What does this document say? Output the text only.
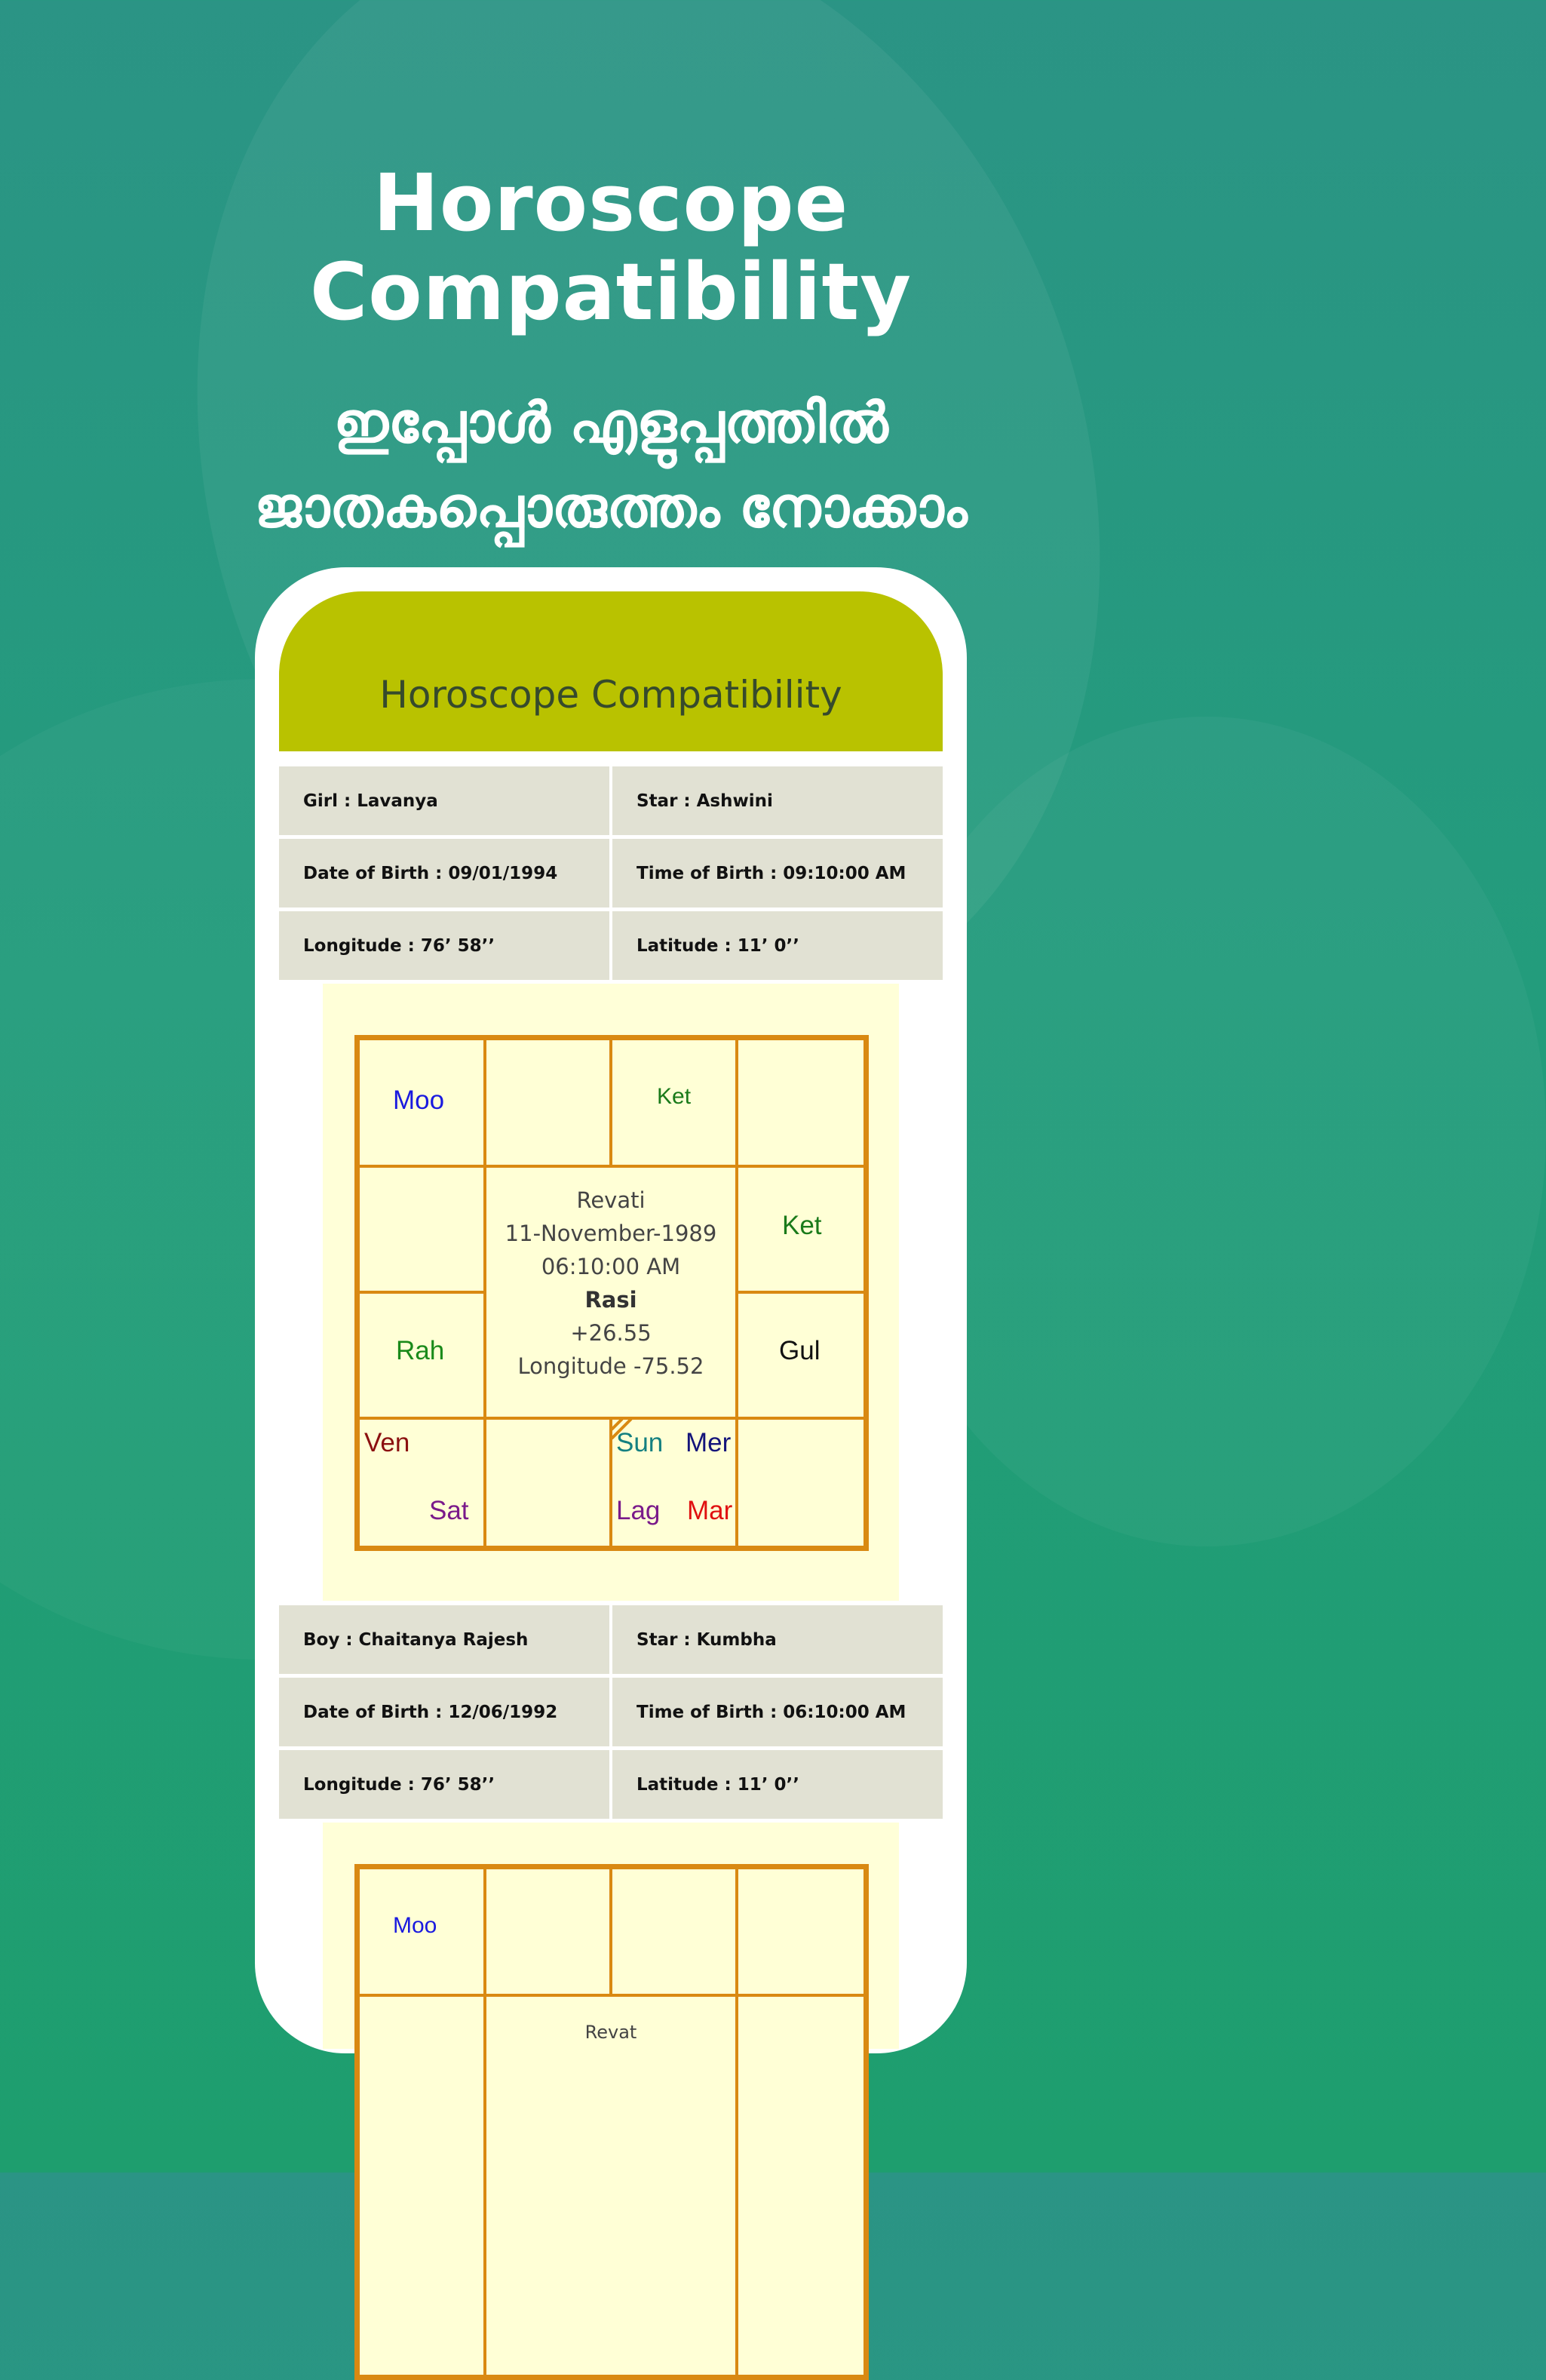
Horoscope
Compatibility
ഇപ്പോൾ എളുപ്പത്തിൽ
ജാതകപ്പൊരുത്തം നോക്കാം
Horoscope Compatibility
Girl : Lavanya	Star : Ashwini
Date of Birth : 09/01/1994	Time of Birth : 09:10:00 AM
Longitude : 76’ 58’’	Latitude : 11’ 0’’
Revati
11-November-1989
06:10:00 AM
Rasi
+26.55
Longitude -75.52
Moo	Ket
Ket
Rah	Gul
Ven
Sat
Sun Mer
Lag Mar
Boy : Chaitanya Rajesh	Star : Kumbha
Date of Birth : 12/06/1992	Time of Birth : 06:10:00 AM
Longitude : 76’ 58’’	Latitude : 11’ 0’’
Moo
Revat
